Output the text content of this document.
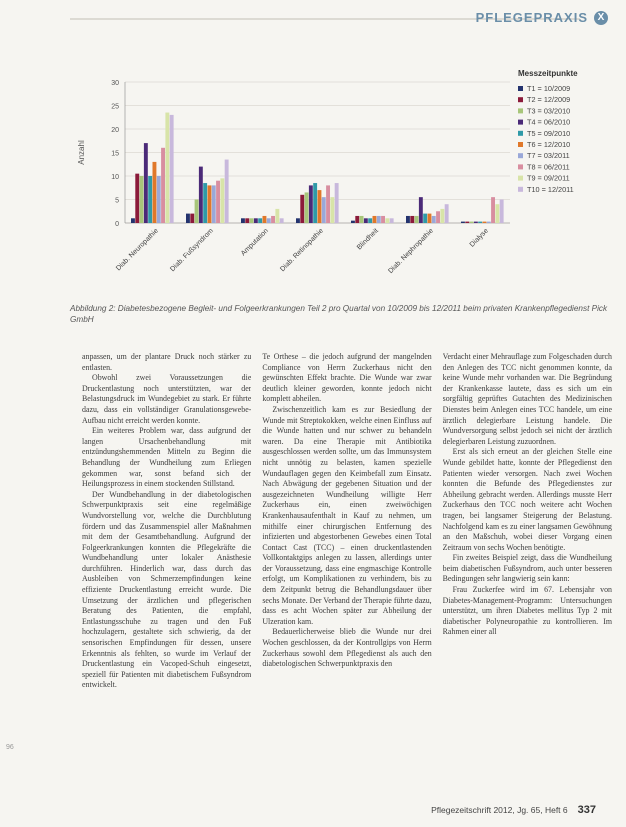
PFLEGEPRAXIS X
0
5
10
15
20
25
30
Anzahl
Diab. Neuropathie Diab. Fußsyndrom	Amputation Diab. Retinopathie	Blindheit Diab. Nephropathie	Dialyse
Messzeitpunkte
T1 = 10/2009
T2 = 12/2009
T3 = 03/2010
T4 = 06/2010
T5 = 09/2010
T6 = 12/2010
T7 = 03/2011
T8 = 06/2011
T9 = 09/2011
T10 = 12/2011
Abbildung 2: Diabetesbezogene Begleit- und Folgeerkrankungen Teil 2 pro Quartal von 10/2009 bis 12/2011 beim privaten Krankenpflegedienst Pick GmbH

anpassen, um der plantare Druck noch stärker zu entlasten.

Obwohl zwei Voraussetzungen die Druckentlastung noch unterstützten, war der Belastungsdruck im Wundegebiet zu stark. Er führte dazu, dass ein vollständiger Granulationsgewebe-Aufbau nicht erreicht werden konnte.

Ein weiteres Problem war, dass aufgrund der langen Ursachenbehandlung mit entzündungshemmenden Mitteln zu Beginn die Behandlung der Wundheilung zum Erliegen gekommen war, sonst befand sich der Heilungsprozess in einem stockenden Stillstand.

Der Wundbehandlung in der diabetologischen Schwerpunktpraxis seit eine regelmäßige Wundvorstellung vor, welche die Durchblutung fördern und das Zusammenspiel aller Maßnahmen mit dem der Gesamtbehandlung. Aufgrund der Folgeerkrankungen konnten die Pflegekräfte die Wundbehandlung unter lokaler Anästhesie durchführen. Hinderlich war, dass durch das Ausbleiben von Schmerzempfindungen keine effiziente Druckentlastung erreicht wurde. Die Umsetzung der ärztlichen und pflegerischen Beratung des Patienten, die empfahl, Entlastungsschuhe zu tragen und den Fuß hochzulagern, gestaltete sich schwierig, da der sensorischen Empfindungen für dessen, unsere Erkenntnis als fehlten, so wurde im Verlauf der Druckentlastung ein Vacoped-Schuh eingesetzt, speziell für Patienten mit diabetischem Fußsyndrom entwickelt.

Te Orthese – die jedoch aufgrund der mangelnden Compliance von Herrn Zuckerhaus nicht den gewünschten Effekt brachte. Die Wunde war zwar deutlich kleiner geworden, konnte jedoch nicht komplett abheilen.

Zwischenzeitlich kam es zur Besiedlung der Wunde mit Streptokokken, welche einen Einfluss auf die Wunde hatten und nur schwer zu behandeln waren. Da eine Therapie mit Antibiotika ausgeschlossen werden sollte, um das Immunsystem nicht unnötig zu belasten, kamen spezielle Wundauflagen gegen den Keimbefall zum Einsatz. Nach Abwägung der gegebenen Situation und der ausgezeichneten Wundheilung willigte Herr Zuckerhaus ein, einen zweiwöchigen Krankenhausaufenthalt in Kauf zu nehmen, um mithilfe einer chirurgischen Entfernung des infizierten und abgestorbenen Gewebes einen Total Contact Cast (TCC) – einen druckentlastenden Vollkontaktgips anlegen zu lassen, allerdings unter der Voraussetzung, dass eine engmaschige Kontrolle erfolgt, um Komplikationen zu verhindern, bis zu dem Zeitpunkt betrug die Behandlungsdauer über sechs Monate. Der Verband der Therapie führte dazu, dass es acht Wochen später zur Abheilung der Ulzeration kam.

Bedauerlicherweise blieb die Wunde nur drei Wochen geschlossen, da der Kontrollgips von Herrn Zuckerhaus sowohl dem Pflegedienst als auch den diabetologischen Schwerpunktpraxis den

Verdacht einer Mehrauflage zum Folgeschaden durch den Anlegen des TCC nicht genommen konnte, da keine Wunde mehr vorhanden war. Die Begründung der Krankenkasse lautete, dass es sich um ein sorgfältig geprüftes Gutachten des Medizinischen Dienstes beim Anlegen eines TCC handele, um eine ärztlich delegierbare Leistung handele. Die Wundversorgung selbst jedoch sei nicht der ärztlich delegierbaren Leistung zuzuordnen.

Erst als sich erneut an der gleichen Stelle eine Wunde gebildet hatte, konnte der Pflegedienst den Patienten wieder versorgen. Nach zwei Wochen konnten die Befunde des Pflegedienstes zur Abheilung gebracht werden. Allerdings musste Herr Zuckerhaus den TCC noch weitere acht Wochen tragen, bei langsamer Steigerung der Belastung. Nachfolgend kam es zu einer langsamen Gewöhnung an den Maßschuh, wobei dieser Vorgang einen Zeitraum von sechs Wochen benötigte.

Fin zweites Beispiel zeigt, dass die Wundheilung beim diabetischen Fußsyndrom, auch unter besseren Bedingungen sehr langwierig sein kann:

Frau Zuckerfee wird im 67. Lebensjahr von Diabetes-Management-Programm: Untersuchungen unterstützt, um ihren Diabetes mellitus Typ 2 mit diabetischer Polyneuropathie zu kontrollieren. Im Rahmen einer all

96
Pflegezeitschrift 2012, Jg. 65, Heft 6 337
